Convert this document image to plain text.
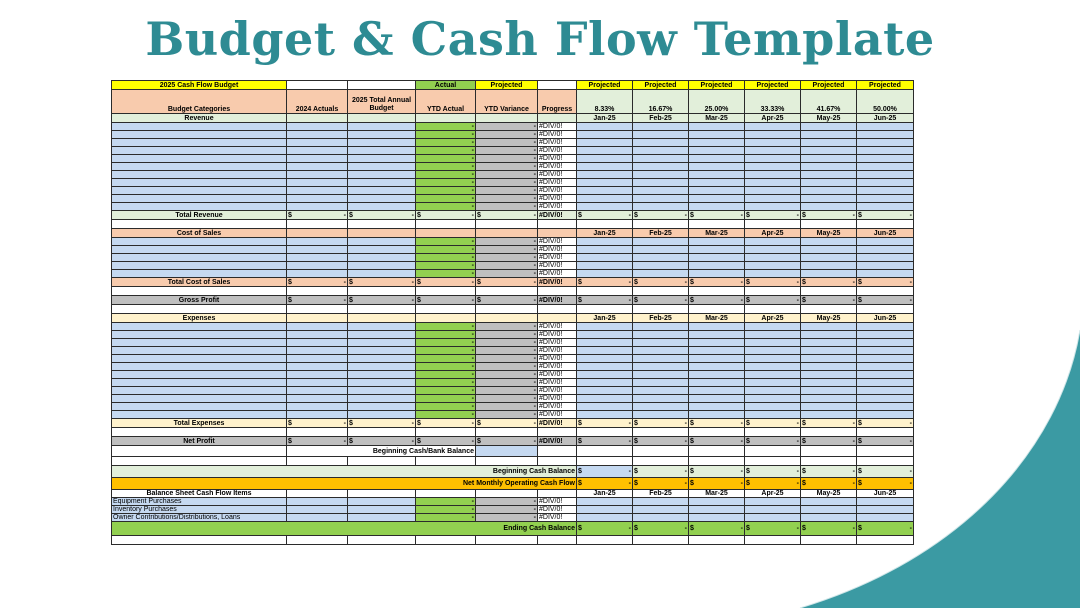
Budget & Cash Flow Template
2025 Cash Flow Budget			Actual	Projected		Projected	Projected	Projected	Projected	Projected	Projected
Budget Categories	2024 Actuals	2025 Total Annual Budget	YTD Actual	YTD Variance	Progress	8.33%	16.67%	25.00%	33.33%	41.67%	50.00%
Revenue						Jan-25	Feb-25	Mar-25	Apr-25	May-25	Jun-25
			-	-	#DIV/0!						
			-	-	#DIV/0!						
			-	-	#DIV/0!						
			-	-	#DIV/0!						
			-	-	#DIV/0!						
			-	-	#DIV/0!						
			-	-	#DIV/0!						
			-	-	#DIV/0!						
			-	-	#DIV/0!						
			-	-	#DIV/0!						
			-	-	#DIV/0!						
Total Revenue	$ -	$ -	$ -	$ -	#DIV/0!	$ -	$ -	$ -	$ -	$ -	$ -

Cost of Sales						Jan-25	Feb-25	Mar-25	Apr-25	May-25	Jun-25
			-	-	#DIV/0!						
			-	-	#DIV/0!						
			-	-	#DIV/0!						
			-	-	#DIV/0!						
			-	-	#DIV/0!						
Total Cost of Sales	$ -	$ -	$ -	$ -	#DIV/0!	$ -	$ -	$ -	$ -	$ -	$ -

Gross Profit	$ -	$ -	$ -	$ -	#DIV/0!	$ -	$ -	$ -	$ -	$ -	$ -

Expenses						Jan-25	Feb-25	Mar-25	Apr-25	May-25	Jun-25
			-	-	#DIV/0!						
			-	-	#DIV/0!						
			-	-	#DIV/0!						
			-	-	#DIV/0!						
			-	-	#DIV/0!						
			-	-	#DIV/0!						
			-	-	#DIV/0!						
			-	-	#DIV/0!						
			-	-	#DIV/0!						
			-	-	#DIV/0!						
			-	-	#DIV/0!						
			-	-	#DIV/0!						
Total Expenses	$ -	$ -	$ -	$ -	#DIV/0!	$ -	$ -	$ -	$ -	$ -	$ -

Net Profit	$ -	$ -	$ -	$ -	#DIV/0!	$ -	$ -	$ -	$ -	$ -	$ -

	Beginning Cash/Bank Balance										

Beginning Cash Balance						$ -	$ -	$ -	$ -	$ -	$ -

Net Monthly Operating Cash Flow						$ -	$ -	$ -	$ -	$ -	$ -

Balance Sheet Cash Flow Items						Jan-25	Feb-25	Mar-25	Apr-25	May-25	Jun-25
Equipment Purchases			-	-	#DIV/0!						
Inventory Purchases			-	-	#DIV/0!						
Owner Contributions/Distributions, Loans			-	-	#DIV/0!						
Ending Cash Balance						$ -	$ -	$ -	$ -	$ -	$ -
